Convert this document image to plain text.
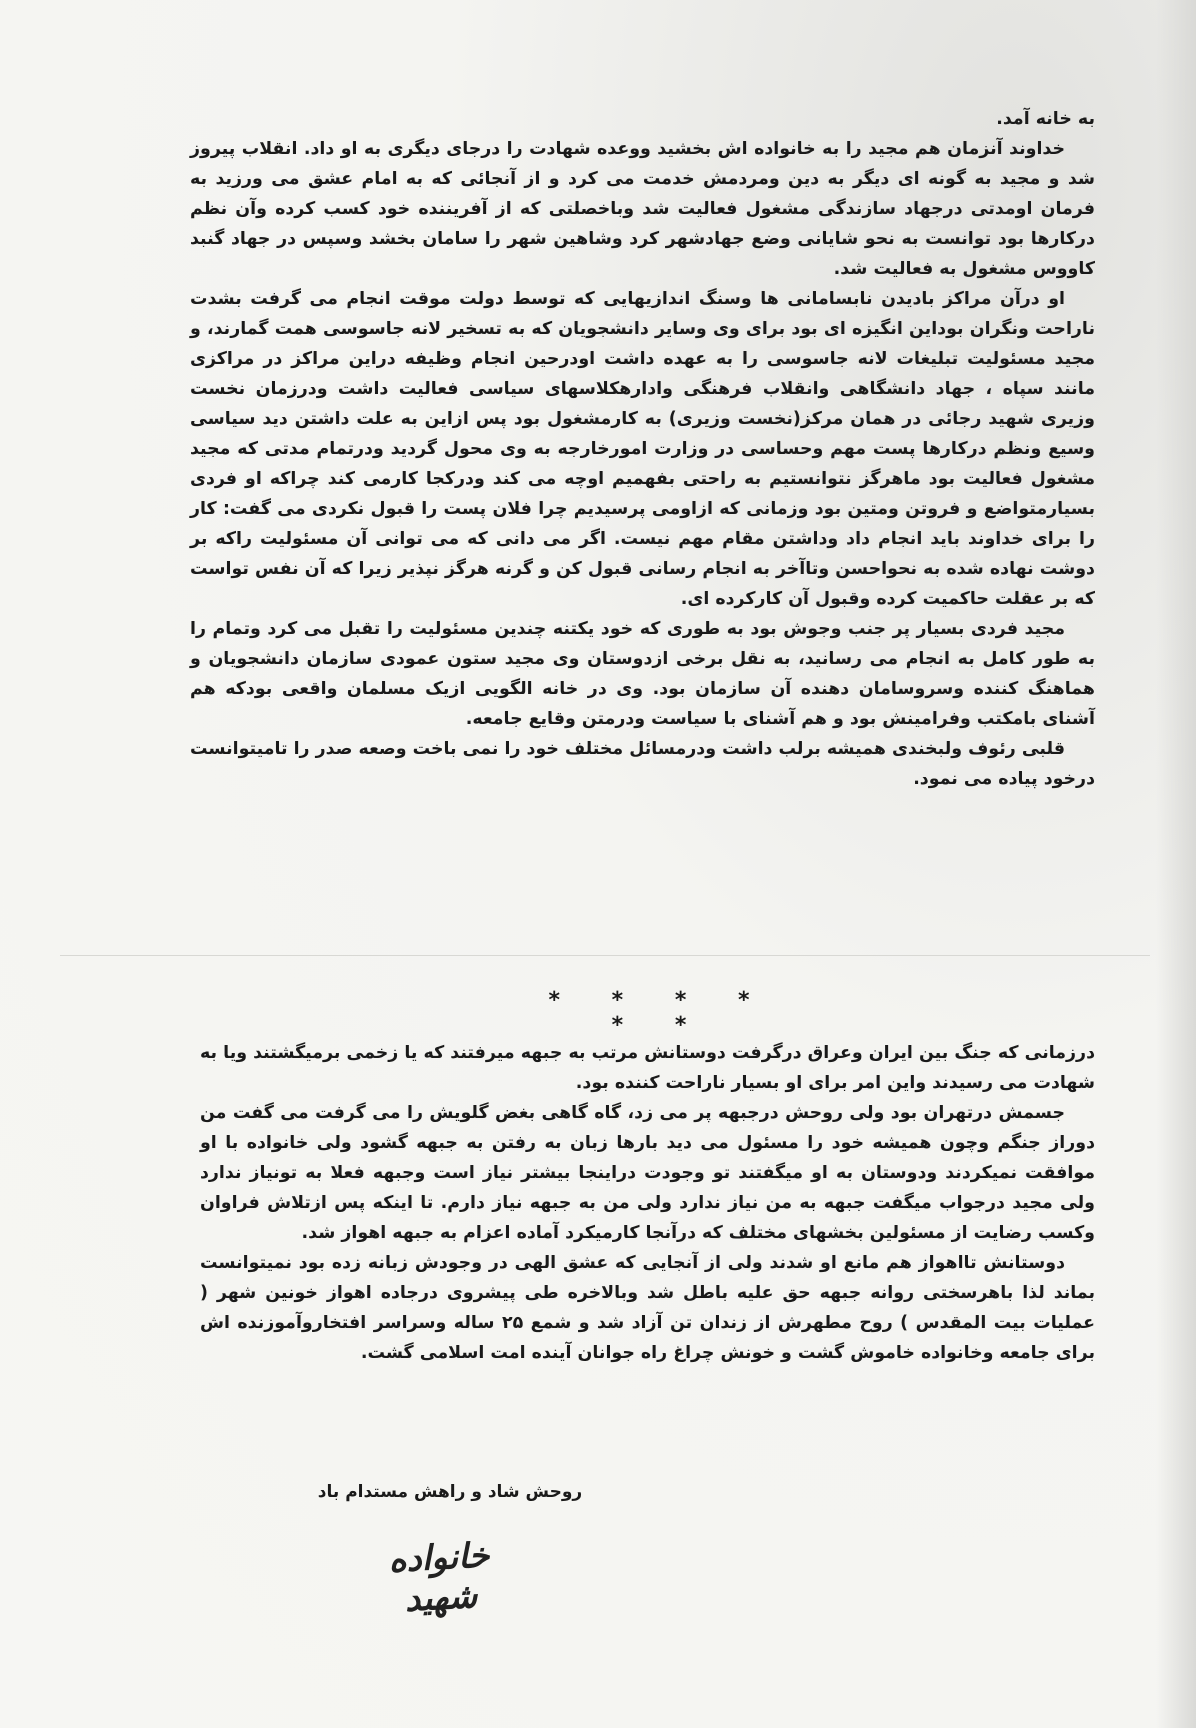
به خانه آمد.

خداوند آنزمان هم مجید را به خانواده اش بخشید ووعده شهادت را درجای دیگری به او داد. انقلاب پیروز شد و مجید به گونه ای دیگر به دین ومردمش خدمت می کرد و از آنجائی که به امام عشق می ورزید به فرمان اومدتی درجهاد سازندگی مشغول فعالیت شد وباخصلتی که از آفریننده خود کسب کرده وآن نظم درکارها بود توانست به نحو شایانی وضع جهادشهر کرد وشاهین شهر را سامان بخشد وسپس در جهاد گنبد کاووس مشغول به فعالیت شد.

او درآن مراکز بادیدن نابسامانی ها وسنگ اندازیهایی که توسط دولت موقت انجام می گرفت بشدت ناراحت ونگران بوداین انگیزه ای بود برای وی وسایر دانشجویان که به تسخیر لانه جاسوسی همت گمارند، و مجید مسئولیت تبلیغات لانه جاسوسی را به عهده داشت اودرحین انجام وظیفه دراین مراکز در مراکزی مانند سپاه ، جهاد دانشگاهی وانقلاب فرهنگی وادارهکلاسهای سیاسی فعالیت داشت ودرزمان نخست وزیری شهید رجائی در همان مرکز(نخست وزیری) به کارمشغول بود پس ازاین به علت داشتن دید سیاسی وسیع ونظم درکارها پست مهم وحساسی در وزارت امورخارجه به وی محول گردید ودرتمام مدتی که مجید مشغول فعالیت بود ماهرگز نتوانستیم به راحتی بفهمیم اوچه می کند ودرکجا کارمی کند چراکه او فردی بسیارمتواضع و فروتن ومتین بود وزمانی که ازاومی پرسیدیم چرا فلان پست را قبول نکردی می گفت: کار را برای خداوند باید انجام داد وداشتن مقام مهم نیست. اگر می دانی که می توانی آن مسئولیت راکه بر دوشت نهاده شده به نحواحسن وتاآخر به انجام رسانی قبول کن و گرنه هرگز نپذیر زیرا که آن نفس تواست که بر عقلت حاکمیت کرده وقبول آن کارکرده ای.

مجید فردی بسیار پر جنب وجوش بود به طوری که خود یکتنه چندین مسئولیت را تقبل می کرد وتمام را به طور کامل به انجام می رسانید، به نقل برخی ازدوستان وی مجید ستون عمودی سازمان دانشجویان و هماهنگ کننده وسروسامان دهنده آن سازمان بود. وی در خانه الگویی ازیک مسلمان واقعی بودکه هم آشنای بامکتب وفرامینش بود و هم آشنای با سیاست ودرمتن وقایع جامعه.

قلبی رئوف ولبخندی همیشه برلب داشت ودرمسائل مختلف خود را نمی باخت وصعه صدر را تامیتوانست درخود پیاده می نمود.

* * * * * *

درزمانی که جنگ بین ایران وعراق درگرفت دوستانش مرتب به جبهه میرفتند که یا زخمی برمیگشتند ویا به شهادت می رسیدند واین امر برای او بسیار ناراحت کننده بود.

جسمش درتهران بود ولی روحش درجبهه پر می زد، گاه گاهی بغض گلویش را می گرفت می گفت من دوراز جنگم وچون همیشه خود را مسئول می دید بارها زبان به رفتن به جبهه گشود ولی خانواده با او موافقت نمیکردند ودوستان به او میگفتند تو وجودت دراینجا بیشتر نیاز است وجبهه فعلا به تونیاز ندارد ولی مجید درجواب میگفت جبهه به من نیاز ندارد ولی من به جبهه نیاز دارم. تا اینکه پس ازتلاش فراوان وکسب رضایت از مسئولین بخشهای مختلف که درآنجا کارمیکرد آماده اعزام به جبهه اهواز شد.

دوستانش تااهواز هم مانع او شدند ولی از آنجایی که عشق الهی در وجودش زبانه زده بود نمیتوانست بماند لذا باهرسختی روانه جبهه حق علیه باطل شد وبالاخره طی پیشروی درجاده اهواز خونین شهر ( عملیات بیت المقدس ) روح مطهرش از زندان تن آزاد شد و شمع ۲۵ ساله وسراسر افتخاروآموزنده اش برای جامعه وخانواده خاموش گشت و خونش چراغ راه جوانان آینده امت اسلامی گشت.

روحش شاد و راهش مستدام باد
خانواده شهید
